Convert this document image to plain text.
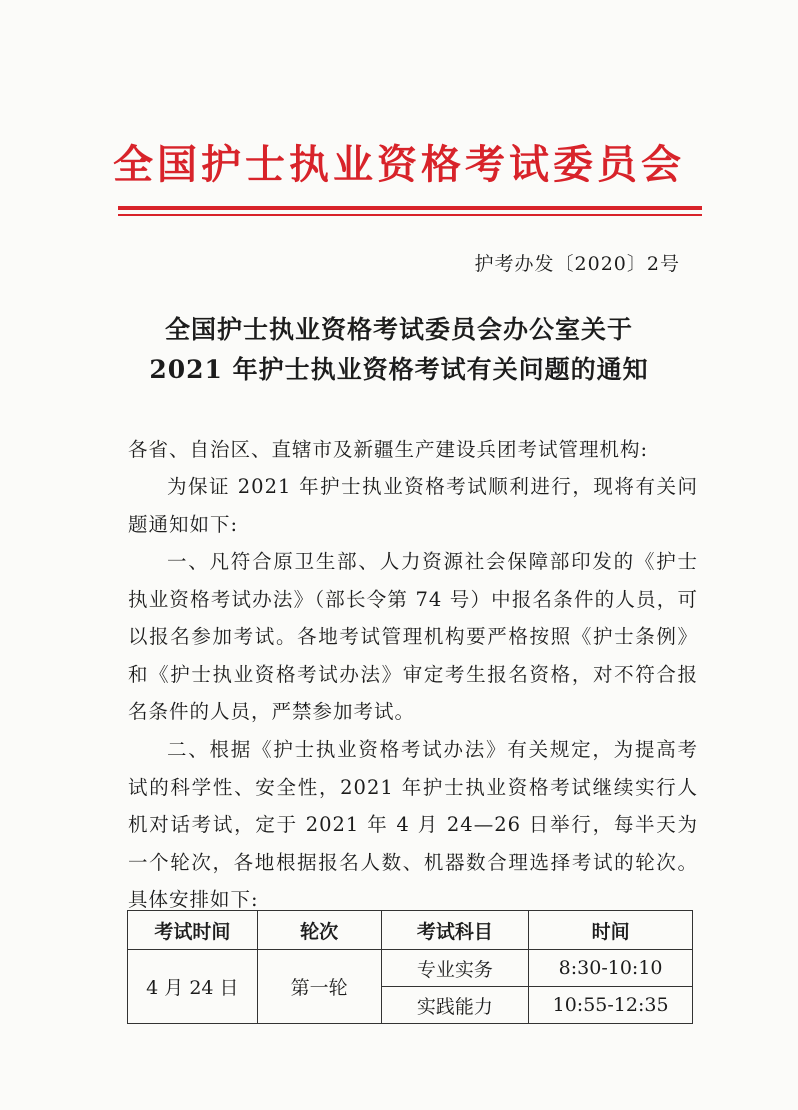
全国护士执业资格考试委员会
护考办发〔2020〕2号
全国护士执业资格考试委员会办公室关于
2021 年护士执业资格考试有关问题的通知
各省、自治区、直辖市及新疆生产建设兵团考试管理机构:
为保证 2021 年护士执业资格考试顺利进行，现将有关问题通知如下:
一、凡符合原卫生部、人力资源社会保障部印发的《护士执业资格考试办法》（部长令第 74 号）中报名条件的人员，可以报名参加考试。各地考试管理机构要严格按照《护士条例》和《护士执业资格考试办法》审定考生报名资格，对不符合报名条件的人员，严禁参加考试。
二、根据《护士执业资格考试办法》有关规定，为提高考试的科学性、安全性，2021 年护士执业资格考试继续实行人机对话考试，定于 2021 年 4 月 24—26 日举行，每半天为一个轮次，各地根据报名人数、机器数合理选择考试的轮次。具体安排如下:
考试时间	轮次	考试科目	时间
4 月 24 日	第一轮	专业实务	8:30-10:10
		实践能力	10:55-12:35
